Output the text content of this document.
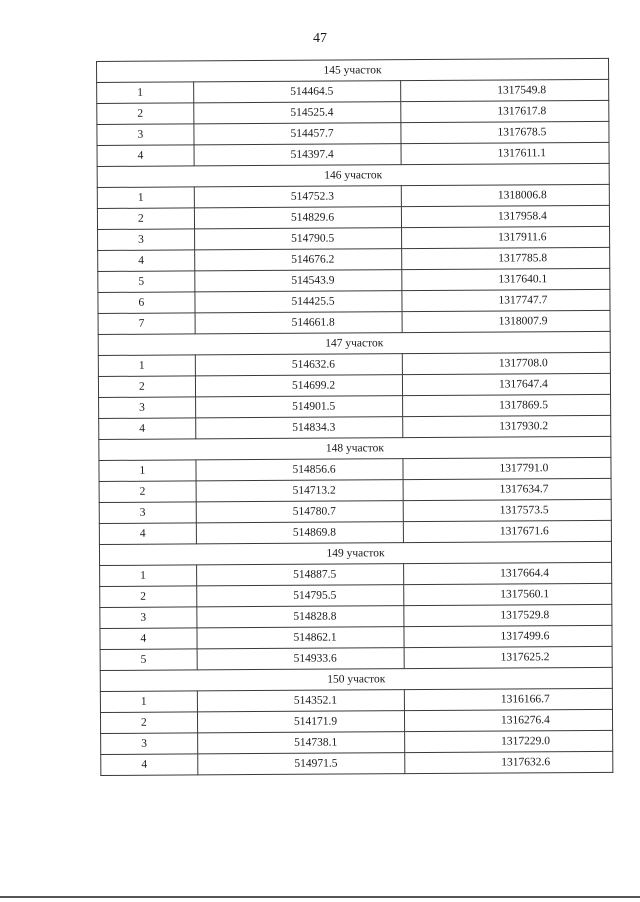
47
145 участок		
1	514464.5	1317549.8
2	514525.4	1317617.8
3	514457.7	1317678.5
4	514397.4	1317611.1
146 участок		
1	514752.3	1318006.8
2	514829.6	1317958.4
3	514790.5	1317911.6
4	514676.2	1317785.8
5	514543.9	1317640.1
6	514425.5	1317747.7
7	514661.8	1318007.9
147 участок		
1	514632.6	1317708.0
2	514699.2	1317647.4
3	514901.5	1317869.5
4	514834.3	1317930.2
148 участок		
1	514856.6	1317791.0
2	514713.2	1317634.7
3	514780.7	1317573.5
4	514869.8	1317671.6
149 участок		
1	514887.5	1317664.4
2	514795.5	1317560.1
3	514828.8	1317529.8
4	514862.1	1317499.6
5	514933.6	1317625.2
150 участок		
1	514352.1	1316166.7
2	514171.9	1316276.4
3	514738.1	1317229.0
4	514971.5	1317632.6
